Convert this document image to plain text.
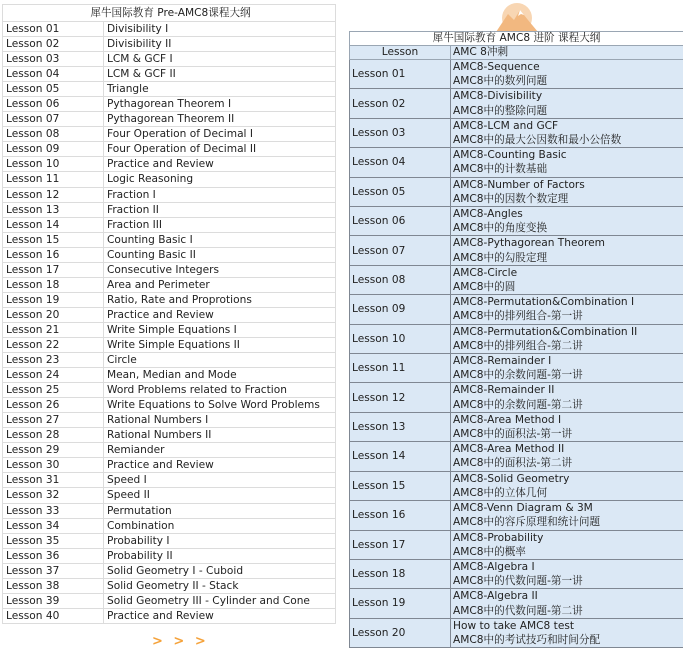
犀牛国际教育 Pre-AMC8课程大纲	
Lesson 01	Divisibility I
Lesson 02	Divisibility II
Lesson 03	LCM & GCF I
Lesson 04	LCM & GCF II
Lesson 05	Triangle
Lesson 06	Pythagorean Theorem I
Lesson 07	Pythagorean Theorem II
Lesson 08	Four Operation of Decimal I
Lesson 09	Four Operation of Decimal II
Lesson 10	Practice and Review
Lesson 11	Logic Reasoning
Lesson 12	Fraction I
Lesson 13	Fraction II
Lesson 14	Fraction III
Lesson 15	Counting Basic I
Lesson 16	Counting Basic II
Lesson 17	Consecutive Integers
Lesson 18	Area and Perimeter
Lesson 19	Ratio, Rate and Proprotions
Lesson 20	Practice and Review
Lesson 21	Write Simple Equations I
Lesson 22	Write Simple Equations II
Lesson 23	Circle
Lesson 24	Mean, Median and Mode
Lesson 25	Word Problems related to Fraction
Lesson 26	Write Equations to Solve Word Problems
Lesson 27	Rational Numbers I
Lesson 28	Rational Numbers II
Lesson 29	Remiander
Lesson 30	Practice and Review
Lesson 31	Speed I
Lesson 32	Speed II
Lesson 33	Permutation
Lesson 34	Combination
Lesson 35	Probability I
Lesson 36	Probability II
Lesson 37	Solid Geometry I - Cuboid
Lesson 38	Solid Geometry II - Stack
Lesson 39	Solid Geometry III - Cylinder and Cone
Lesson 40	Practice and Review
> > >
犀牛国际教育 AMC8 进阶 课程大纲	
Lesson	AMC 8冲刺
Lesson 01	AMC8-Sequence
AMC8中的数列问题

Lesson 02	AMC8-Divisibility
AMC8中的整除问题

Lesson 03	AMC8-LCM and GCF
AMC8中的最大公因数和最小公倍数

Lesson 04	AMC8-Counting Basic
AMC8中的计数基础

Lesson 05	AMC8-Number of Factors
AMC8中的因数个数定理

Lesson 06	AMC8-Angles
AMC8中的角度变换

Lesson 07	AMC8-Pythagorean Theorem
AMC8中的勾股定理

Lesson 08	AMC8-Circle
AMC8中的圆

Lesson 09	AMC8-Permutation&Combination I
AMC8中的排列组合-第一讲

Lesson 10	AMC8-Permutation&Combination II
AMC8中的排列组合-第二讲

Lesson 11	AMC8-Remainder I
AMC8中的余数问题-第一讲

Lesson 12	AMC8-Remainder II
AMC8中的余数问题-第二讲

Lesson 13	AMC8-Area Method I
AMC8中的面积法-第一讲

Lesson 14	AMC8-Area Method II
AMC8中的面积法-第二讲

Lesson 15	AMC8-Solid Geometry
AMC8中的立体几何

Lesson 16	AMC8-Venn Diagram & 3M
AMC8中的容斥原理和统计问题

Lesson 17	AMC8-Probability
AMC8中的概率

Lesson 18	AMC8-Algebra I
AMC8中的代数问题-第一讲

Lesson 19	AMC8-Algebra II
AMC8中的代数问题-第二讲

Lesson 20	How to take AMC8 test
AMC8中的考试技巧和时间分配
